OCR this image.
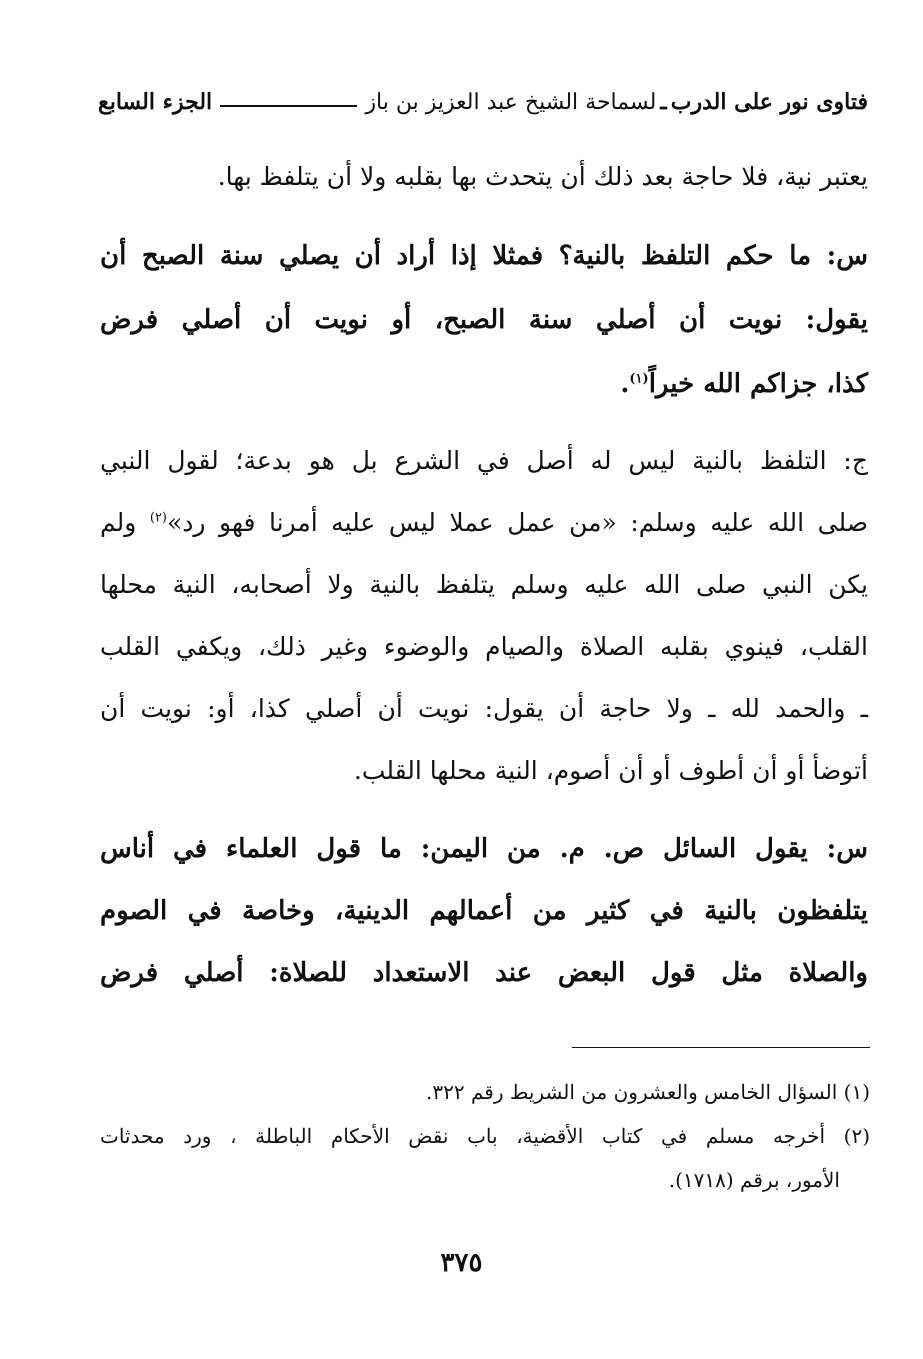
فتاوى نور على الدرب
ـ
لسماحة الشيخ عبد العزيز بن باز
الجزء السابع
يعتبر نية، فلا حاجة بعد ذلك أن يتحدث بها بقلبه ولا أن يتلفظ بها.
س: ما حكم التلفظ بالنية؟ فمثلا إذا أراد أن يصلي سنة الصبح أن
يقول: نويت أن أصلي سنة الصبح، أو نويت أن أصلي فرض
كذا، جزاكم الله خيراً$^{(١)}$.
ج: التلفظ بالنية ليس له أصل في الشرع بل هو بدعة؛ لقول النبي
صلى الله عليه وسلم: «من عمل عملا ليس عليه أمرنا فهو رد»$^{(٢)}$ ولم
يكن النبي صلى الله عليه وسلم يتلفظ بالنية ولا أصحابه، النية محلها
القلب، فينوي بقلبه الصلاة والصيام والوضوء وغير ذلك، ويكفي القلب
ـ والحمد لله ـ ولا حاجة أن يقول: نويت أن أصلي كذا، أو: نويت أن
أتوضأ أو أن أطوف أو أن أصوم، النية محلها القلب.
س: يقول السائل ص. م. من اليمن: ما قول العلماء في أناس
يتلفظون بالنية في كثير من أعمالهم الدينية، وخاصة في الصوم
والصلاة مثل قول البعض عند الاستعداد للصلاة: أصلي فرض
(١) السؤال الخامس والعشرون من الشريط رقم ٣٢٢.
(٢) أخرجه مسلم في كتاب الأقضية، باب نقض الأحكام الباطلة ، ورد محدثات
الأمور، برقم (١٧١٨).
٣٧٥
